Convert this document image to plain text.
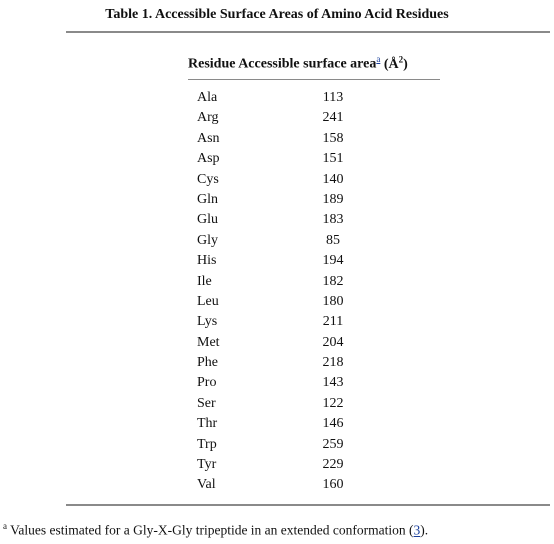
Table 1. Accessible Surface Areas of Amino Acid Residues
Residue Accessible surface area$^a$ $(Å^2)$
Ala	113
Arg	241
Asn	158
Asp	151
Cys	140
Gln	189
Glu	183
Gly	85
His	194
Ile	182
Leu	180
Lys	211
Met	204
Phe	218
Pro	143
Ser	122
Thr	146
Trp	259
Tyr	229
Val	160
$^a$ Values estimated for a Gly-X-Gly tripeptide in an extended conformation (3).
